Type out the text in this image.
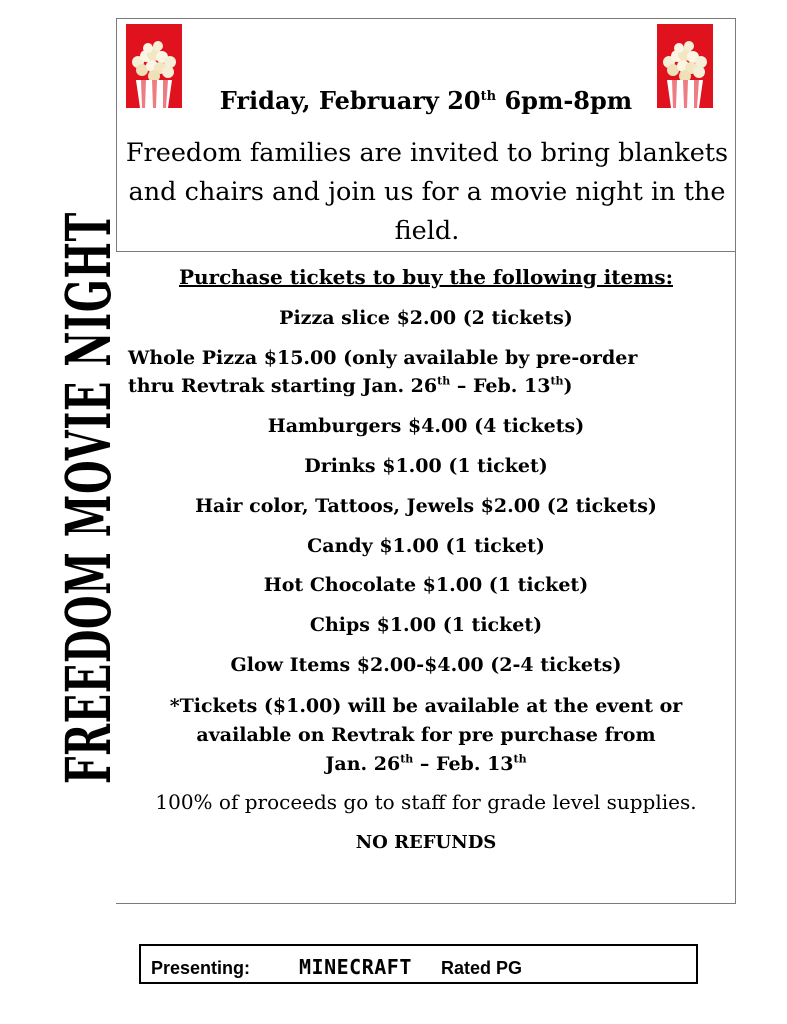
FREEDOM MOVIE NIGHT
Friday, February 20th 6pm-8pm
Freedom families are invited to bring blankets and chairs and join us for a movie night in the field.
Purchase tickets to buy the following items:
Pizza slice $2.00 (2 tickets)
Whole Pizza $15.00 (only available by pre-order
thru Revtrak starting Jan. 26th – Feb. 13th)
Hamburgers $4.00 (4 tickets)
Drinks $1.00 (1 ticket)
Hair color, Tattoos, Jewels $2.00 (2 tickets)
Candy $1.00 (1 ticket)
Hot Chocolate $1.00 (1 ticket)
Chips $1.00 (1 ticket)
Glow Items $2.00-$4.00 (2-4 tickets)
*Tickets ($1.00) will be available at the event or
available on Revtrak for pre purchase from
Jan. 26th – Feb. 13th
100% of proceeds go to staff for grade level supplies.
NO REFUNDS
Presenting: MINECRAFT Rated PG
